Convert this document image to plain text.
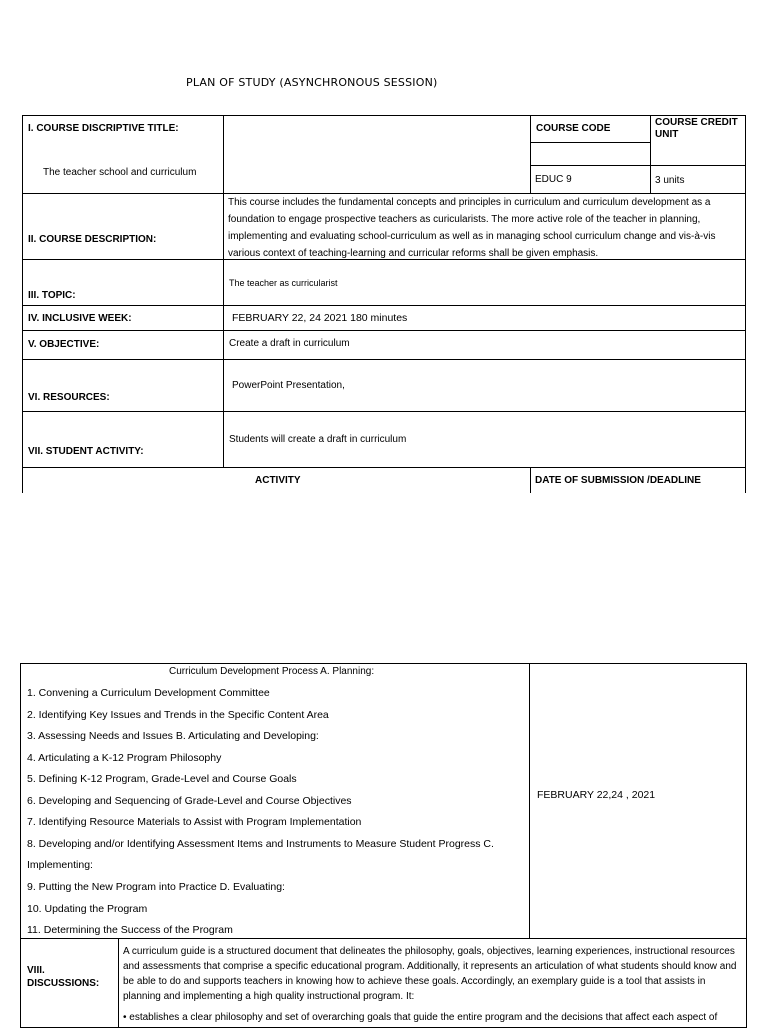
PLAN OF STUDY (ASYNCHRONOUS SESSION)
I. COURSE DISCRIPTIVE TITLE:
The teacher school and curriculum
COURSE CODE
EDUC 9
COURSE CREDIT UNIT
3 units
II. COURSE DESCRIPTION:
This course includes the fundamental concepts and principles in curriculum and curriculum development as a foundation to engage prospective teachers as curicularists. The more active role of the teacher in planning, implementing and evaluating school-curriculum as well as in managing school curriculum change and vis-à-vis various context of teaching-learning and curricular reforms shall be given emphasis.
III. TOPIC:
The teacher as curricularist
IV. INCLUSIVE WEEK:	FEBRUARY 22, 24 2021 180 minutes
V. OBJECTIVE:	Create a draft in curriculum
VI. RESOURCES:
PowerPoint Presentation,
VII. STUDENT ACTIVITY:
Students will create a draft in curriculum
ACTIVITY	DATE OF SUBMISSION /DEADLINE
Curriculum Development Process A. Planning:
1. Convening a Curriculum Development Committee
2. Identifying Key Issues and Trends in the Specific Content Area
3. Assessing Needs and Issues B. Articulating and Developing:
4. Articulating a K-12 Program Philosophy
5. Defining K-12 Program, Grade-Level and Course Goals
6. Developing and Sequencing of Grade-Level and Course Objectives
7. Identifying Resource Materials to Assist with Program Implementation
8. Developing and/or Identifying Assessment Items and Instruments to Measure Student Progress C.
Implementing:
9. Putting the New Program into Practice D. Evaluating:
10. Updating the Program
11. Determining the Success of the Program
FEBRUARY 22,24 , 2021
VIII.
DISCUSSIONS:
A curriculum guide is a structured document that delineates the philosophy, goals, objectives, learning experiences, instructional resources and assessments that comprise a specific educational program. Additionally, it represents an articulation of what students should know and be able to do and supports teachers in knowing how to achieve these goals. Accordingly, an exemplary guide is a tool that assists in planning and implementing a high quality instructional program. It:
• establishes a clear philosophy and set of overarching goals that guide the entire program and the decisions that affect each aspect of
